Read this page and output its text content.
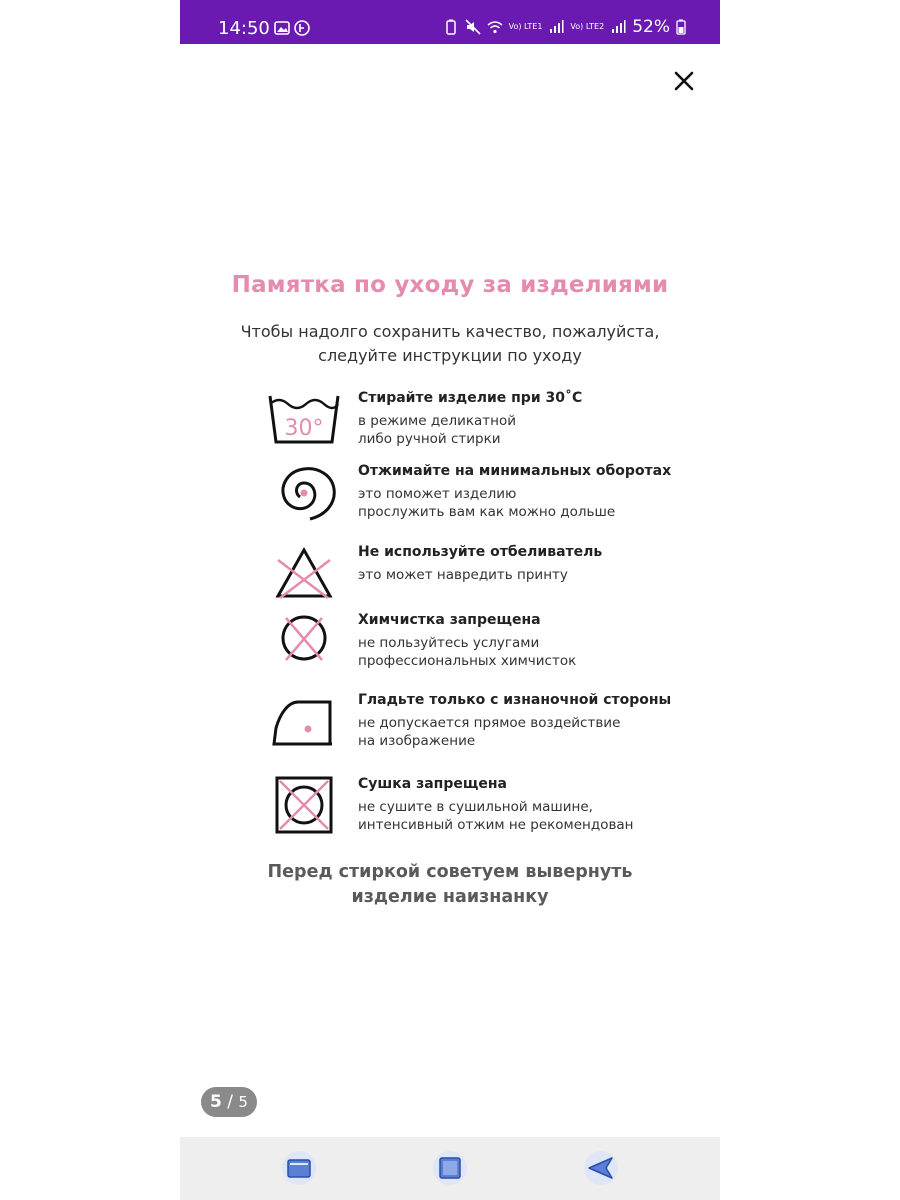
14:50	Vo) LTE1	Vo) LTE2 52%
Памятка по уходу за изделиями
Чтобы надолго сохранить качество, пожалуйста,
следуйте инструкции по уходу
30°
Стирайте изделие при 30˚С
в режиме деликатной
либо ручной стирки
Отжимайте на минимальных оборотах
это поможет изделию
прослужить вам как можно дольше
Не используйте отбеливатель
это может навредить принту
Химчистка запрещена
не пользуйтесь услугами
профессиональных химчисток
Гладьте только с изнаночной стороны
не допускается прямое воздействие
на изображение
Сушка запрещена
не сушите в сушильной машине,
интенсивный отжим не рекомендован
Перед стиркой советуем вывернуть
изделие наизнанку
5 / 5
